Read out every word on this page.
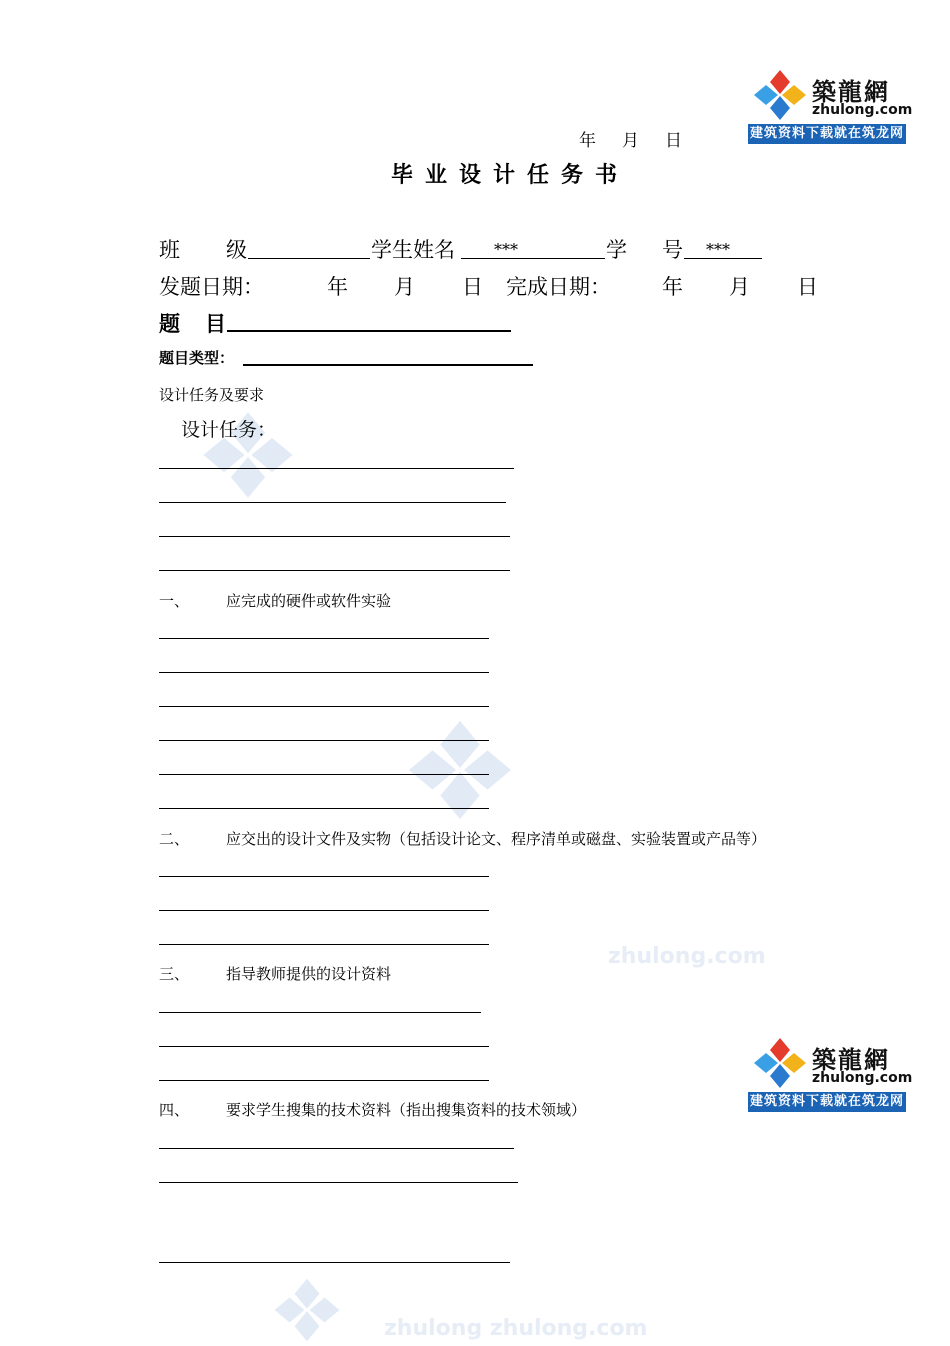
zhulong.com
zhulong zhulong.com
築龍網
zhulong.com
建筑资料下载就在筑龙网
築龍網
zhulong.com
建筑资料下载就在筑龙网
年 月 日
毕业设计任务书
班 级	学生姓名 ***	学 号 ***
发题日期：	年 月 日 完成日期： 年 月 日
题 目
题目类型：
设计任务及要求
设计任务：
一、 应完成的硬件或软件实验
二、 应交出的设计文件及实物（包括设计论文、程序清单或磁盘、实验装置或产品等）
三、 指导教师提供的设计资料
四、 要求学生搜集的技术资料（指出搜集资料的技术领域）
